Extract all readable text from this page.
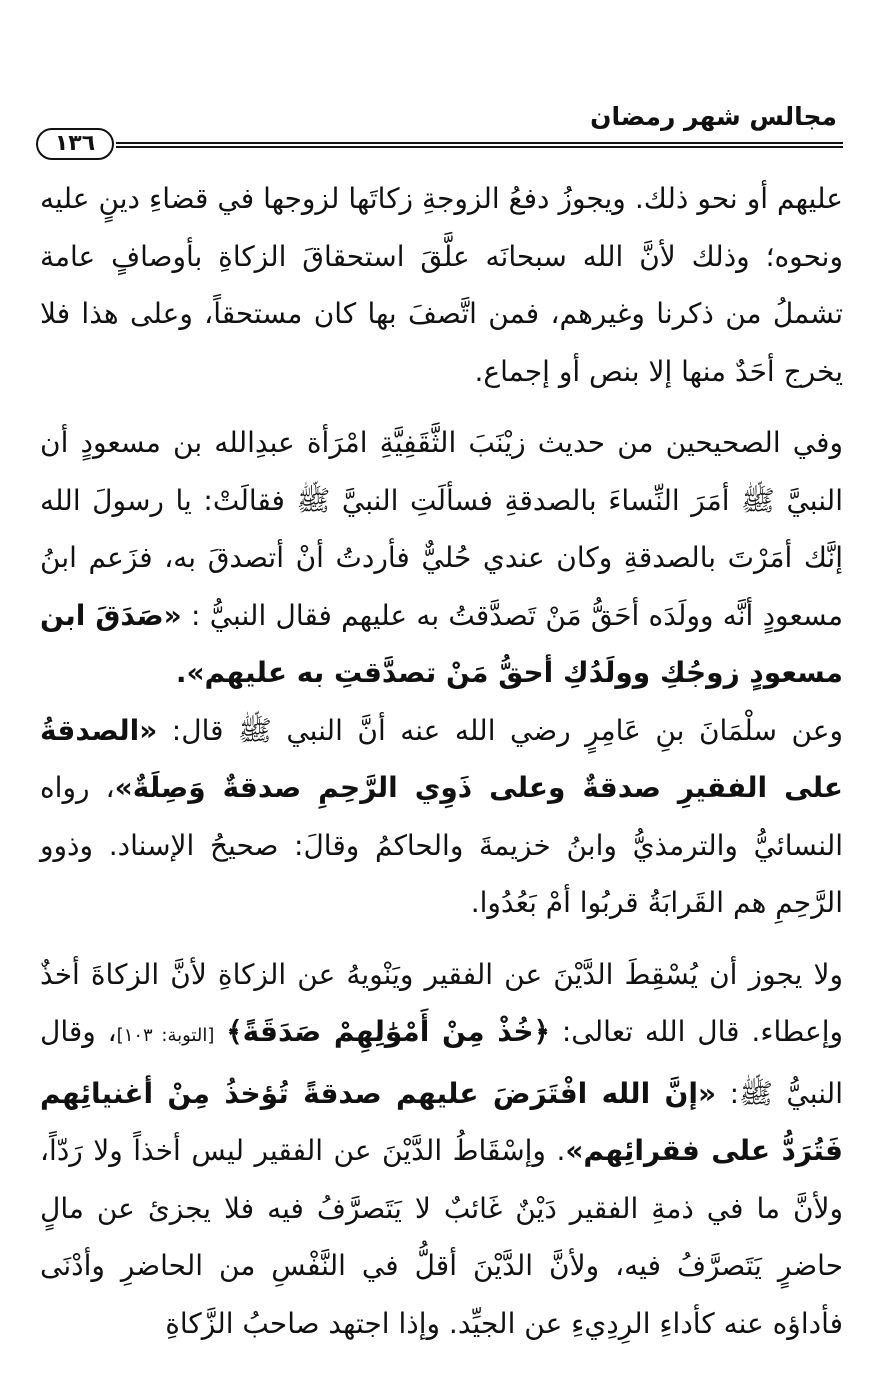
مجالس شهر رمضان
١٣٦

عليهم أو نحو ذلك. ويجوزُ دفعُ الزوجةِ زكاتَها لزوجها في قضاءِ دينٍ عليه ونحوه؛ وذلك لأنَّ الله سبحانَه علَّقَ استحقاقَ الزكاةِ بأوصافٍ عامة تشملُ من ذكرنا وغيرهم، فمن اتَّصفَ بها كان مستحقاً، وعلى هذا فلا يخرج أحَدٌ منها إلا بنص أو إجماع.

وفي الصحيحين من حديث زيْنَبَ الثَّقَفِيَّةِ امْرَأة عبدِالله بن مسعودٍ أن النبيَّ ﷺ أمَرَ النِّساءَ بالصدقةِ فسألَتِ النبيَّ ﷺ فقالَتْ: يا رسولَ الله إنَّك أمَرْتَ بالصدقةِ وكان عندي حُليٌّ فأردتُ أنْ أتصدقَ به، فزَعم ابنُ مسعودٍ أنَّه وولَدَه أحَقُّ مَنْ تَصدَّقتُ به عليهم فقال النبيُّ : «صَدَقَ ابن مسعودٍ زوجُكِ وولَدُكِ أحقُّ مَنْ تصدَّقتِ به عليهم».

وعن سلْمَانَ بنِ عَامِرٍ رضي الله عنه أنَّ النبي ﷺ قال: «الصدقةُ على الفقيرِ صدقةٌ وعلى ذَوِي الرَّحِمِ صدقةٌ وَصِلَةٌ»، رواه النسائيُّ والترمذيُّ وابنُ خزيمةَ والحاكمُ وقالَ: صحيحُ الإسناد. وذوو الرَّحِمِ هم القَرابَةُ قربُوا أمْ بَعُدُوا.

ولا يجوز أن يُسْقِطَ الدَّيْنَ عن الفقير ويَنْويهُ عن الزكاةِ لأنَّ الزكاةَ أخذٌ وإعطاء. قال الله تعالى: ﴿خُذْ مِنْ أَمْوَٰلِهِمْ صَدَقَةً﴾ [التوبة: ١٠٣]، وقال النبيُّ ﷺ: «إنَّ الله افْتَرَضَ عليهم صدقةً تُؤخذُ مِنْ أغنيائِهم فَتُرَدُّ على فقرائِهم». وإسْقَاطُ الدَّيْنَ عن الفقير ليس أخذاً ولا رَدّاً، ولأنَّ ما في ذمةِ الفقير دَيْنٌ غَائبٌ لا يَتَصرَّفُ فيه فلا يجزئ عن مالٍ حاضرٍ يَتَصرَّفُ فيه، ولأنَّ الدَّيْنَ أقلُّ في النَّفْسِ من الحاضرِ وأدْنَى فأداؤه عنه كأداءِ الرِدِيءِ عن الجيِّد. وإذا اجتهد صاحبُ الزَّكاةِ
